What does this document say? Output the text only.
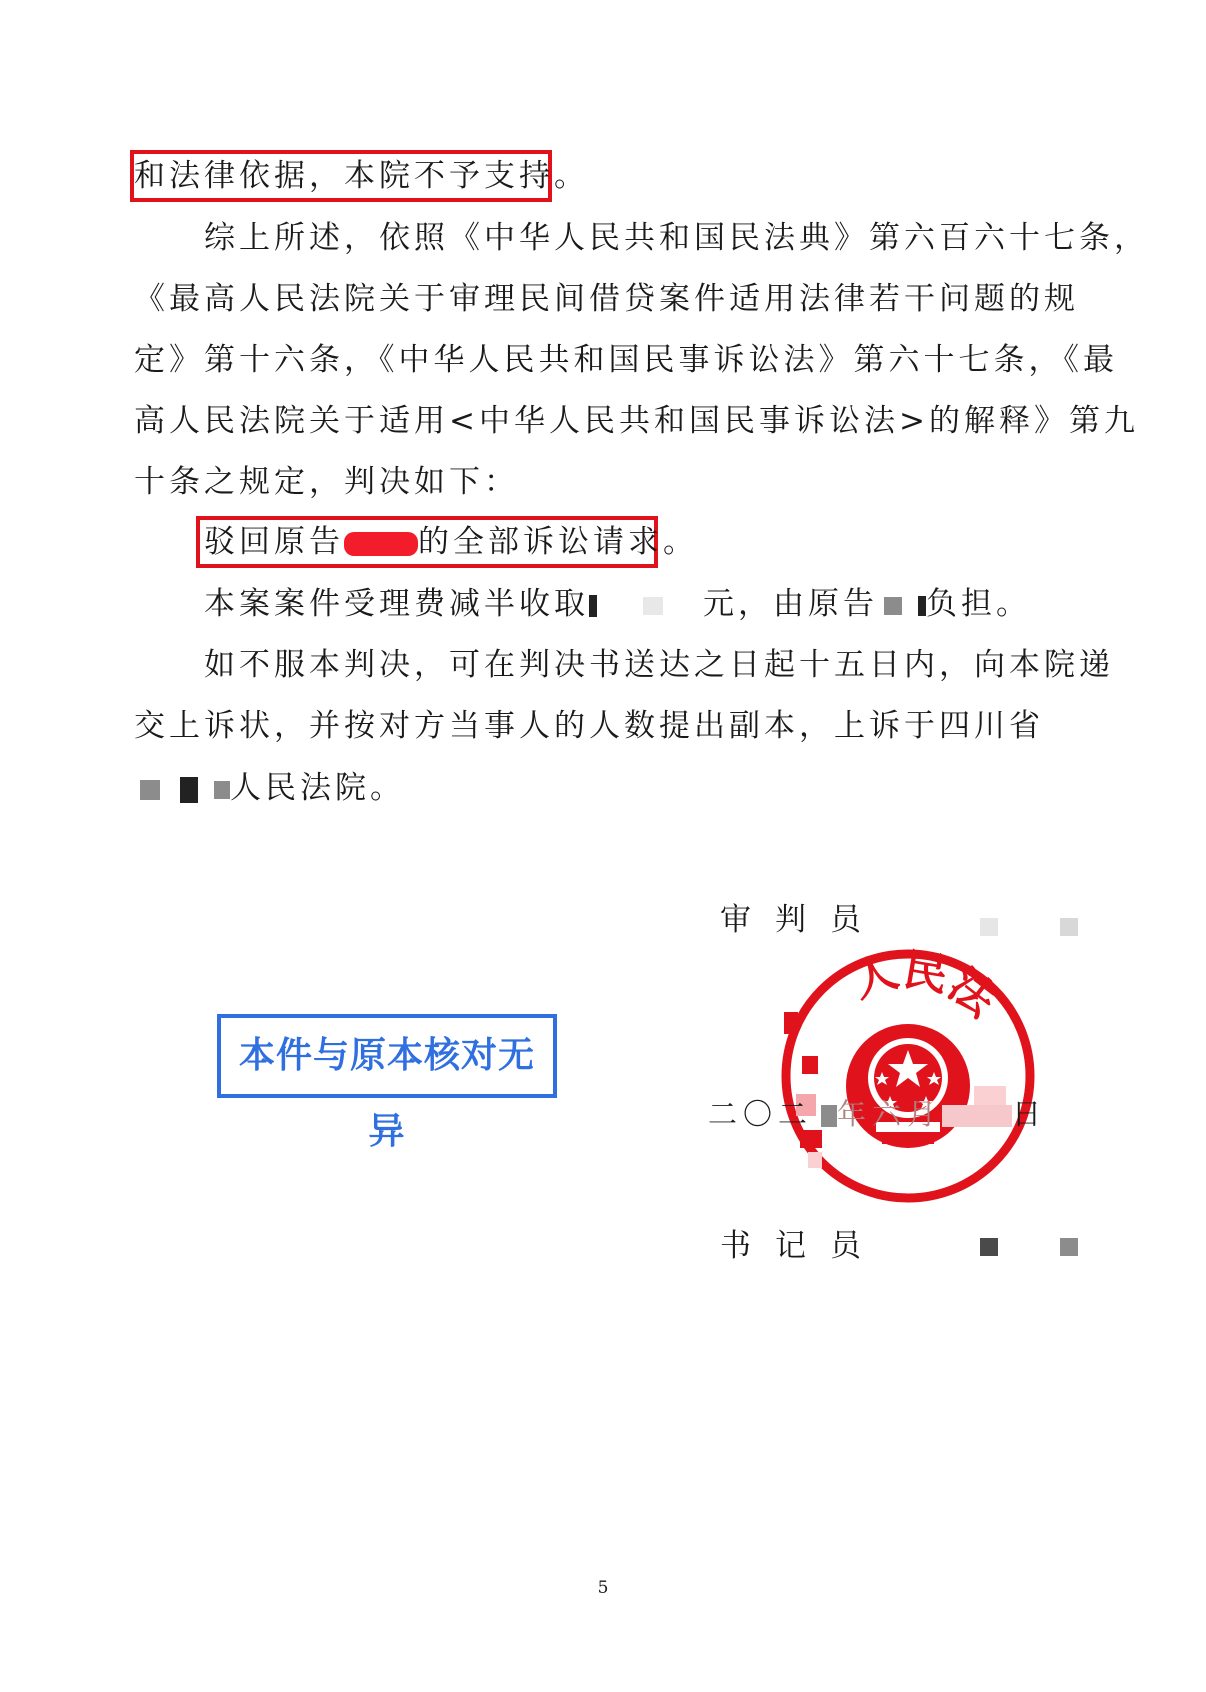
和法律依据，本院不予支持。
综上所述，依照《中华人民共和国民法典》第六百六十七条，
《最高人民法院关于审理民间借贷案件适用法律若干问题的规
定》第十六条，《中华人民共和国民事诉讼法》第六十七条，《最
高人民法院关于适用<中华人民共和国民事诉讼法>的解释》第九
十条之规定，判决如下：
驳回原告 的全部诉讼请求。
本案案件受理费减半收取	元，由原告 负担。
如不服本判决，可在判决书送达之日起十五日内，向本院递
交上诉状，并按对方当事人的人数提出副本，上诉于四川省
人民法院。
审判员
本件与原本核对无异
人民法
二〇二 年六月 日
书记员
5
